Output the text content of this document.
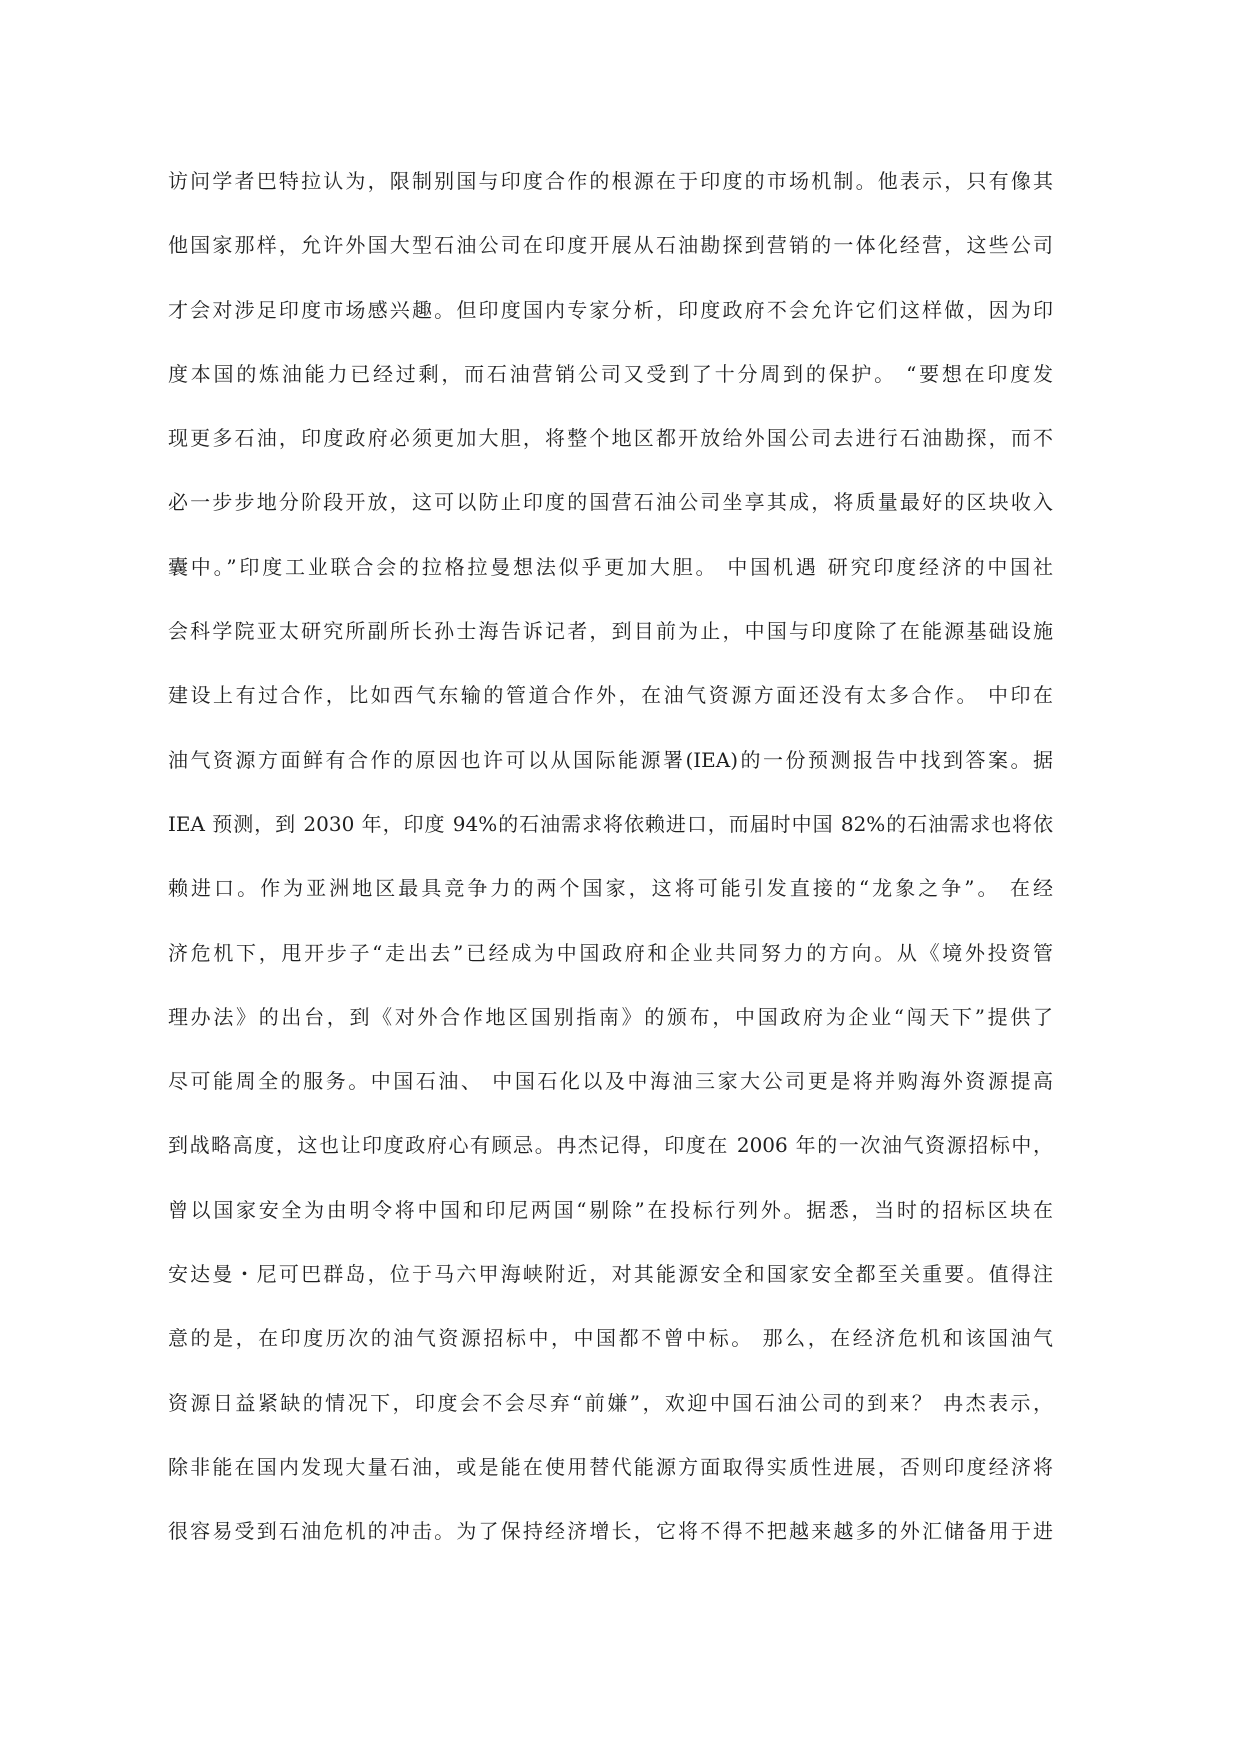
访问学者巴特拉认为，限制别国与印度合作的根源在于印度的市场机制。他表示，只有像其
他国家那样，允许外国大型石油公司在印度开展从石油勘探到营销的一体化经营，这些公司
才会对涉足印度市场感兴趣。但印度国内专家分析，印度政府不会允许它们这样做，因为印
度本国的炼油能力已经过剩，而石油营销公司又受到了十分周到的保护。 “要想在印度发
现更多石油，印度政府必须更加大胆，将整个地区都开放给外国公司去进行石油勘探，而不
必一步步地分阶段开放，这可以防止印度的国营石油公司坐享其成，将质量最好的区块收入
囊中。”印度工业联合会的拉格拉曼想法似乎更加大胆。 中国机遇 研究印度经济的中国社
会科学院亚太研究所副所长孙士海告诉记者，到目前为止，中国与印度除了在能源基础设施
建设上有过合作，比如西气东输的管道合作外，在油气资源方面还没有太多合作。 中印在
油气资源方面鲜有合作的原因也许可以从国际能源署(IEA)的一份预测报告中找到答案。据
IEA 预测，到 2030 年，印度 94%的石油需求将依赖进口，而届时中国 82%的石油需求也将依
赖进口。作为亚洲地区最具竞争力的两个国家，这将可能引发直接的“龙象之争”。 在经
济危机下，甩开步子“走出去”已经成为中国政府和企业共同努力的方向。从《境外投资管
理办法》的出台，到《对外合作地区国别指南》的颁布，中国政府为企业“闯天下”提供了
尽可能周全的服务。中国石油、 中国石化以及中海油三家大公司更是将并购海外资源提高
到战略高度，这也让印度政府心有顾忌。冉杰记得，印度在 2006 年的一次油气资源招标中，
曾以国家安全为由明令将中国和印尼两国“剔除”在投标行列外。据悉，当时的招标区块在
安达曼・尼可巴群岛，位于马六甲海峡附近，对其能源安全和国家安全都至关重要。值得注
意的是，在印度历次的油气资源招标中，中国都不曾中标。 那么，在经济危机和该国油气
资源日益紧缺的情况下，印度会不会尽弃“前嫌”，欢迎中国石油公司的到来？ 冉杰表示，
除非能在国内发现大量石油，或是能在使用替代能源方面取得实质性进展，否则印度经济将
很容易受到石油危机的冲击。为了保持经济增长，它将不得不把越来越多的外汇储备用于进
